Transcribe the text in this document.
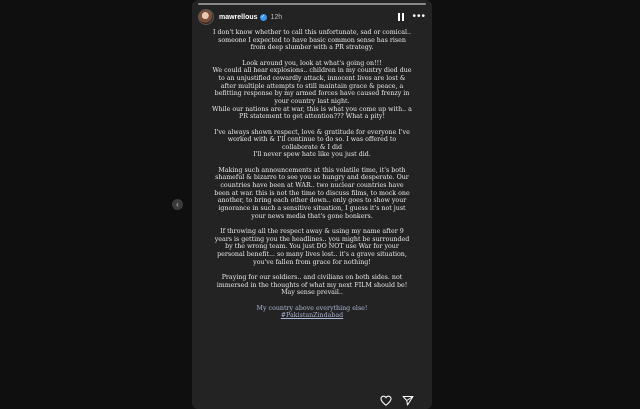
‹
mawrellous ✓ 12h	•••

I don't know whether to call this unfortunate, sad or comical..
someone I expected to have basic common sense has risen
from deep slumber with a PR strategy.

Look around you, look at what's going on!!!
We could all hear explosions.. children in my country died due
to an unjustified cowardly attack, innocent lives are lost &
after multiple attempts to still maintain grace & peace, a
befitting response by my armed forces have caused frenzy in
your country last night.
While our nations are at war, this is what you come up with.. a
PR statement to get attention??? What a pity!

I've always shown respect, love & gratitude for everyone I've
worked with & I'll continue to do so. I was offered to
collaborate & I did
I'll never spew hate like you just did.

Making such announcements at this volatile time, it's both
shameful & bizarre to see you so hungry and desperate. Our
countries have been at WAR.. two nuclear countries have
been at war. this is not the time to discuss films, to mock one
another, to bring each other down.. only goes to show your
ignorance in such a sensitive situation, I guess it's not just
your news media that's gone bonkers.

If throwing all the respect away & using my name after 9
years is getting you the headlines.. you might be surrounded
by the wrong team. You just DO NOT use War for your
personal benefit... so many lives lost.. it's a grave situation,
you've fallen from grace for nothing!

Praying for our soldiers.. and civilians on both sides. not
immersed in the thoughts of what my next FILM should be!
May sense prevail..

My country above everything else!
#PakistanZindabad
